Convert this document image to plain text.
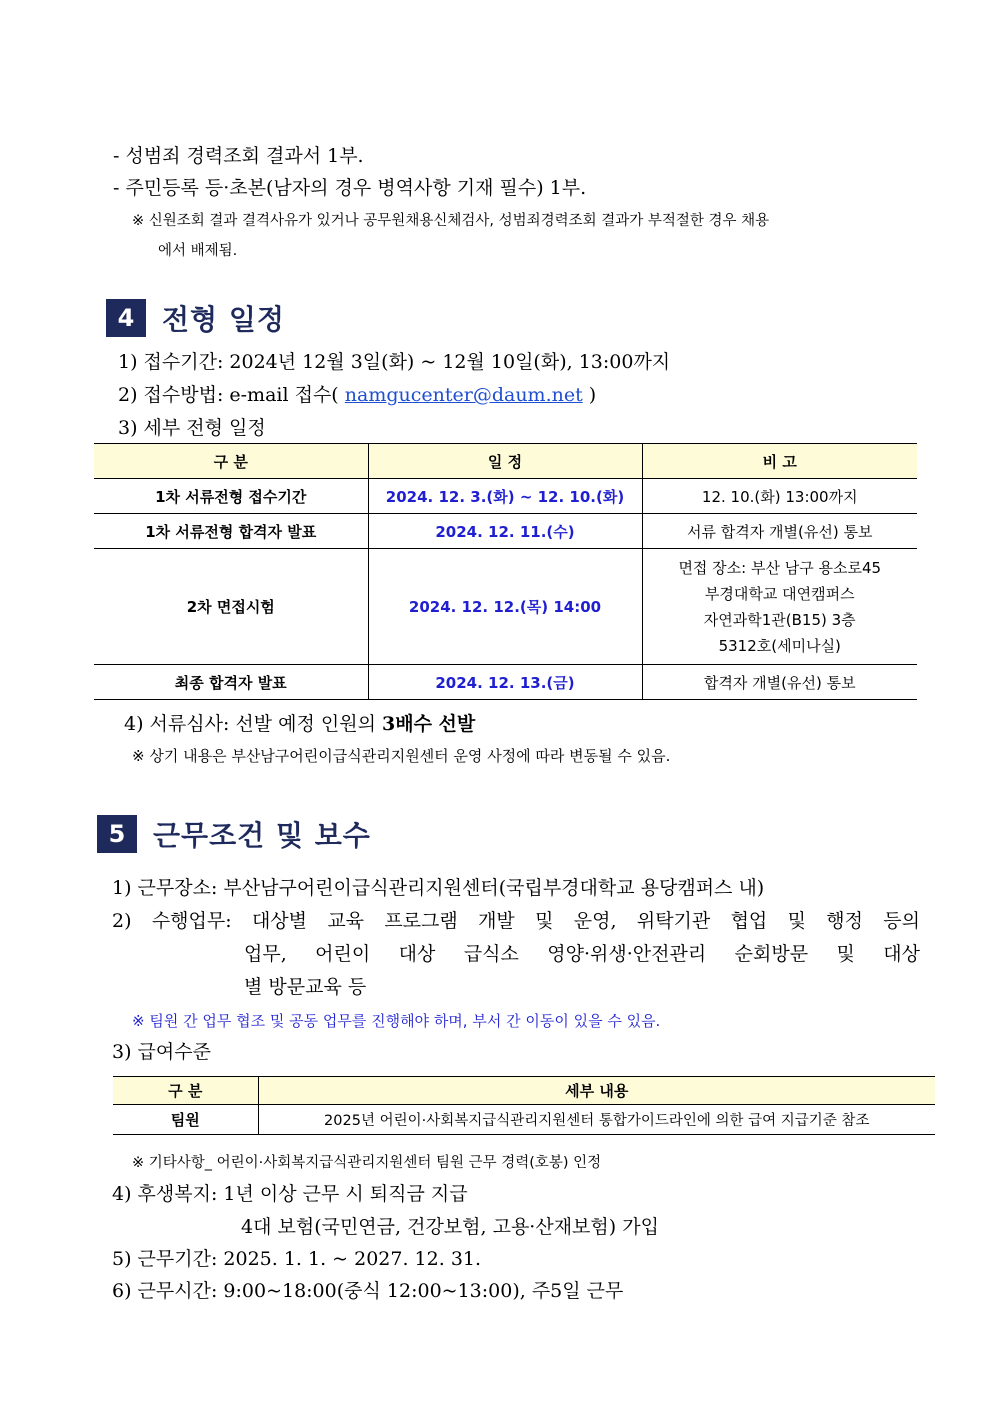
- 성범죄 경력조회 결과서 1부.
- 주민등록 등·초본(남자의 경우 병역사항 기재 필수) 1부.
※ 신원조회 결과 결격사유가 있거나 공무원채용신체검사, 성범죄경력조회 결과가 부적절한 경우 채용
에서 배제됨.
4 전형 일정
1) 접수기간: 2024년 12월 3일(화) ~ 12월 10일(화), 13:00까지
2) 접수방법: e-mail 접수( namgucenter@daum.net )
3) 세부 전형 일정
구 분	일 정	비 고
1차 서류전형 접수기간	2024. 12. 3.(화) ~ 12. 10.(화)	12. 10.(화) 13:00까지
1차 서류전형 합격자 발표	2024. 12. 11.(수)	서류 합격자 개별(유선) 통보
2차 면접시험	2024. 12. 12.(목) 14:00	면접 장소: 부산 남구 용소로45
부경대학교 대연캠퍼스
자연과학1관(B15) 3층
5312호(세미나실)

최종 합격자 발표	2024. 12. 13.(금)	합격자 개별(유선) 통보
4) 서류심사: 선발 예정 인원의 3배수 선발
※ 상기 내용은 부산남구어린이급식관리지원센터 운영 사정에 따라 변동될 수 있음.
5 근무조건 및 보수
1) 근무장소: 부산남구어린이급식관리지원센터(국립부경대학교 용당캠퍼스 내)
2) 수행업무: 대상별 교육 프로그램 개발 및 운영, 위탁기관 협업 및 행정 등의
업무, 어린이 대상 급식소 영양·위생·안전관리 순회방문 및 대상
별 방문교육 등
※ 팀원 간 업무 협조 및 공동 업무를 진행해야 하며, 부서 간 이동이 있을 수 있음.
3) 급여수준
구 분	세부 내용
팀원	2025년 어린이·사회복지급식관리지원센터 통합가이드라인에 의한 급여 지급기준 참조
※ 기타사항_ 어린이·사회복지급식관리지원센터 팀원 근무 경력(호봉) 인정
4) 후생복지: 1년 이상 근무 시 퇴직금 지급
4대 보험(국민연금, 건강보험, 고용·산재보험) 가입
5) 근무기간: 2025. 1. 1. ~ 2027. 12. 31.
6) 근무시간: 9:00~18:00(중식 12:00~13:00), 주5일 근무
